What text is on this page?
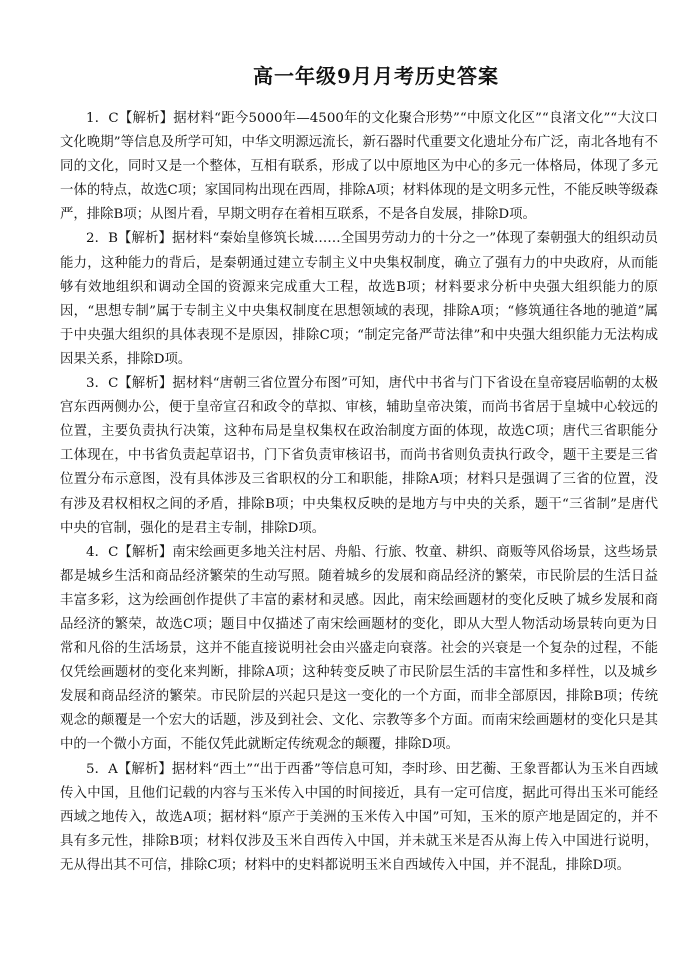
高一年级9月月考历史答案

1．C【解析】据材料“距今5000年—4500年的文化聚合形势”“中原文化区”“良渚文化”“大汶口文化晚期”等信息及所学可知，中华文明源远流长，新石器时代重要文化遗址分布广泛，南北各地有不同的文化，同时又是一个整体，互相有联系，形成了以中原地区为中心的多元一体格局，体现了多元一体的特点，故选C项；家国同构出现在西周，排除A项；材料体现的是文明多元性，不能反映等级森严，排除B项；从图片看，早期文明存在着相互联系，不是各自发展，排除D项。

2．B【解析】据材料“秦始皇修筑长城……全国男劳动力的十分之一”体现了秦朝强大的组织动员能力，这种能力的背后，是秦朝通过建立专制主义中央集权制度，确立了强有力的中央政府，从而能够有效地组织和调动全国的资源来完成重大工程，故选B项；材料要求分析中央强大组织能力的原因，“思想专制”属于专制主义中央集权制度在思想领域的表现，排除A项；“修筑通往各地的驰道”属于中央强大组织的具体表现不是原因，排除C项；“制定完备严苛法律”和中央强大组织能力无法构成因果关系，排除D项。

3．C【解析】据材料“唐朝三省位置分布图”可知，唐代中书省与门下省设在皇帝寝居临朝的太极宫东西两侧办公，便于皇帝宣召和政令的草拟、审核，辅助皇帝决策，而尚书省居于皇城中心较远的位置，主要负责执行决策，这种布局是皇权集权在政治制度方面的体现，故选C项；唐代三省职能分工体现在，中书省负责起草诏书，门下省负责审核诏书，而尚书省则负责执行政令，题干主要是三省位置分布示意图，没有具体涉及三省职权的分工和职能，排除A项；材料只是强调了三省的位置，没有涉及君权相权之间的矛盾，排除B项；中央集权反映的是地方与中央的关系，题干“三省制”是唐代中央的官制，强化的是君主专制，排除D项。

4．C【解析】南宋绘画更多地关注村居、舟船、行旅、牧童、耕织、商贩等风俗场景，这些场景都是城乡生活和商品经济繁荣的生动写照。随着城乡的发展和商品经济的繁荣，市民阶层的生活日益丰富多彩，这为绘画创作提供了丰富的素材和灵感。因此，南宋绘画题材的变化反映了城乡发展和商品经济的繁荣，故选C项；题目中仅描述了南宋绘画题材的变化，即从大型人物活动场景转向更为日常和凡俗的生活场景，这并不能直接说明社会由兴盛走向衰落。社会的兴衰是一个复杂的过程，不能仅凭绘画题材的变化来判断，排除A项；这种转变反映了市民阶层生活的丰富性和多样性，以及城乡发展和商品经济的繁荣。市民阶层的兴起只是这一变化的一个方面，而非全部原因，排除B项；传统观念的颠覆是一个宏大的话题，涉及到社会、文化、宗教等多个方面。而南宋绘画题材的变化只是其中的一个微小方面，不能仅凭此就断定传统观念的颠覆，排除D项。

5．A【解析】据材料“西土”“出于西番”等信息可知，李时珍、田艺蘅、王象晋都认为玉米自西域传入中国，且他们记载的内容与玉米传入中国的时间接近，具有一定可信度，据此可得出玉米可能经西域之地传入，故选A项；据材料“原产于美洲的玉米传入中国”可知，玉米的原产地是固定的，并不具有多元性，排除B项；材料仅涉及玉米自西传入中国，并未就玉米是否从海上传入中国进行说明，无从得出其不可信，排除C项；材料中的史料都说明玉米自西域传入中国，并不混乱，排除D项。
